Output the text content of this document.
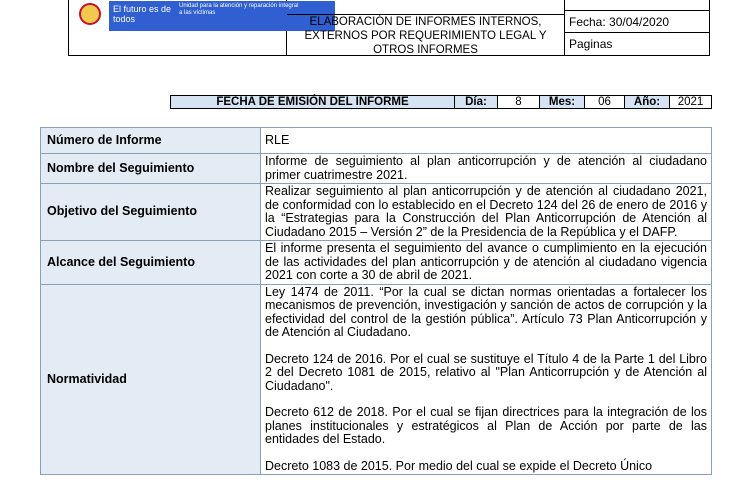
El futuro es de todos
Unidad para la atención y reparación integral a las víctimas
ELABORACIÓN DE INFORMES INTERNOS, EXTERNOS POR REQUERIMIENTO LEGAL Y OTROS INFORMES
Fecha: 30/04/2020
Paginas
FECHA DE EMISIÓN DEL INFORME	Día:	8	Mes:	06	Año:	2021
Número de Informe	RLE
Nombre del Seguimiento	Informe de seguimiento al plan anticorrupción y de atención al ciudadano primer cuatrimestre 2021.
Objetivo del Seguimiento	Realizar seguimiento al plan anticorrupción y de atención al ciudadano 2021, de conformidad con lo establecido en el Decreto 124 del 26 de enero de 2016 y la “Estrategias para la Construcción del Plan Anticorrupción de Atención al Ciudadano 2015 – Versión 2” de la Presidencia de la República y el DAFP.
Alcance del Seguimiento	El informe presenta el seguimiento del avance o cumplimiento en la ejecución de las actividades del plan anticorrupción y de atención al ciudadano vigencia 2021 con corte a 30 de abril de 2021.
Normatividad	Ley 1474 de 2011. “Por la cual se dictan normas orientadas a fortalecer los mecanismos de prevención, investigación y sanción de actos de corrupción y la efectividad del control de la gestión pública”. Artículo 73 Plan Anticorrupción y de Atención al Ciudadano.

Decreto 124 de 2016. Por el cual se sustituye el Título 4 de la Parte 1 del Libro 2 del Decreto 1081 de 2015, relativo al "Plan Anticorrupción y de Atención al Ciudadano".

Decreto 612 de 2018. Por el cual se fijan directrices para la integración de los planes institucionales y estratégicos al Plan de Acción por parte de las entidades del Estado.

Decreto 1083 de 2015. Por medio del cual se expide el Decreto Único
